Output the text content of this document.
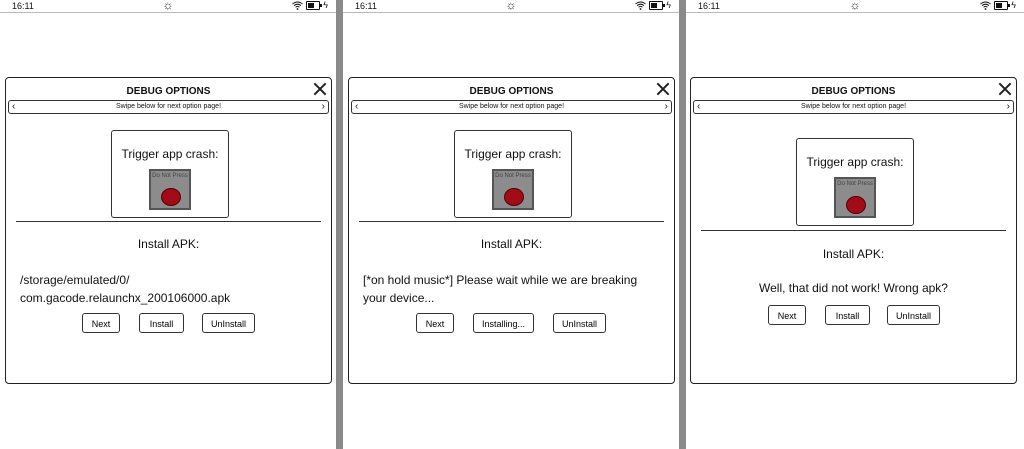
16:11	☼	ϟ
DEBUG OPTIONS
‹	Swipe below for next option page!	›
Trigger app crash:
Do Not Press
Install APK:
/storage/emulated/0/ com.gacode.relaunchx_200106000.apk
Next	Install	UnInstall
16:11	☼	ϟ
DEBUG OPTIONS
‹	Swipe below for next option page!	›
Trigger app crash:
Do Not Press
Install APK:
[*on hold music*] Please wait while we are breaking your device...
Next	Installing...	UnInstall
16:11	☼	ϟ
DEBUG OPTIONS
‹	Swipe below for next option page!	›
Trigger app crash:
Do Not Press
Install APK:
Well, that did not work! Wrong apk?
Next	Install	UnInstall
